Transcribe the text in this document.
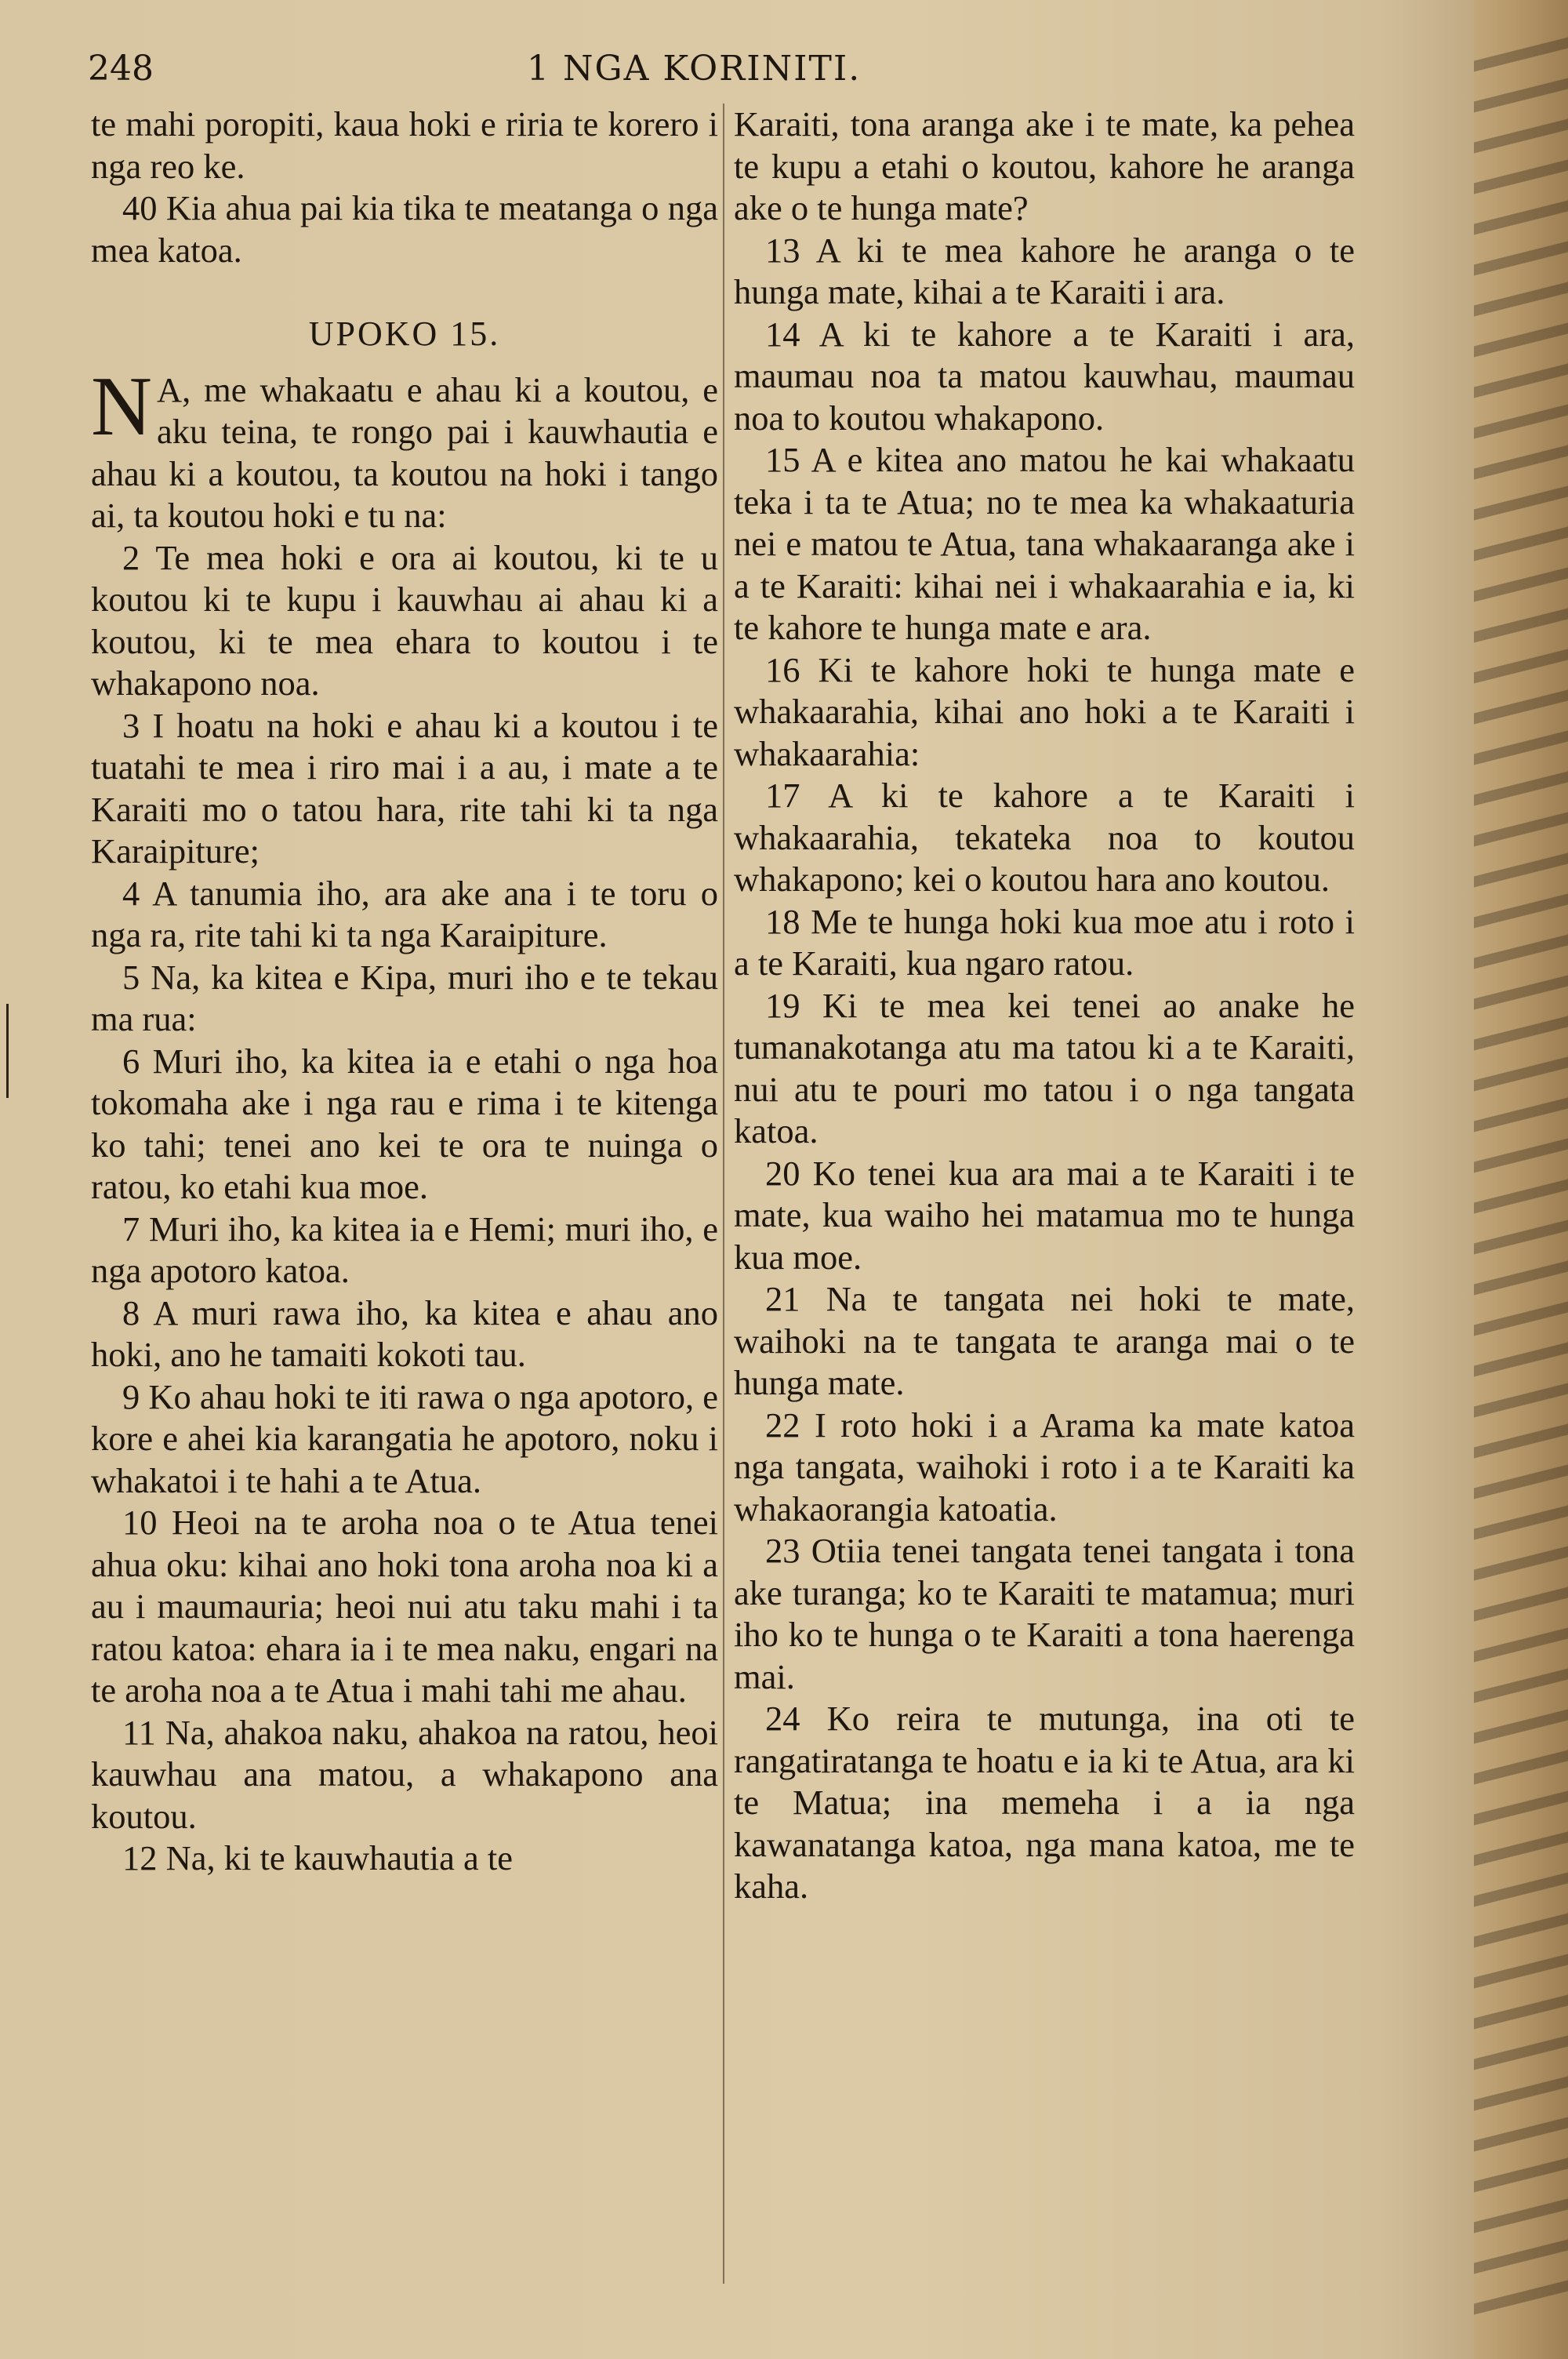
248	1 NGA KORINITI.

te mahi poropiti, kaua hoki e riria te korero i nga reo ke.

40 Kia ahua pai kia tika te meatanga o nga mea katoa.

UPOKO 15.

N A, me whakaatu e ahau ki a koutou, e aku teina, te rongo pai i kauwhautia e ahau ki a koutou, ta koutou na hoki i tango ai, ta koutou hoki e tu na:

2 Te mea hoki e ora ai koutou, ki te u koutou ki te kupu i kauwhau ai ahau ki a koutou, ki te mea ehara to koutou i te whakapono noa.

3 I hoatu na hoki e ahau ki a koutou i te tuatahi te mea i riro mai i a au, i mate a te Karaiti mo o tatou hara, rite tahi ki ta nga Karaipiture;

4 A tanumia iho, ara ake ana i te toru o nga ra, rite tahi ki ta nga Karaipiture.

5 Na, ka kitea e Kipa, muri iho e te tekau ma rua:

6 Muri iho, ka kitea ia e etahi o nga hoa tokomaha ake i nga rau e rima i te kitenga ko tahi; tenei ano kei te ora te nuinga o ratou, ko etahi kua moe.

7 Muri iho, ka kitea ia e Hemi; muri iho, e nga apotoro katoa.

8 A muri rawa iho, ka kitea e ahau ano hoki, ano he tamaiti kokoti tau.

9 Ko ahau hoki te iti rawa o nga apotoro, e kore e ahei kia karangatia he apotoro, noku i whakatoi i te hahi a te Atua.

10 Heoi na te aroha noa o te Atua tenei ahua oku: kihai ano hoki tona aroha noa ki a au i maumauria; heoi nui atu taku mahi i ta ratou katoa: ehara ia i te mea naku, engari na te aroha noa a te Atua i mahi tahi me ahau.

11 Na, ahakoa naku, ahakoa na ratou, heoi kauwhau ana matou, a whakapono ana koutou.

12 Na, ki te kauwhautia a te

Karaiti, tona aranga ake i te mate, ka pehea te kupu a etahi o koutou, kahore he aranga ake o te hunga mate?

13 A ki te mea kahore he aranga o te hunga mate, kihai a te Karaiti i ara.

14 A ki te kahore a te Karaiti i ara, maumau noa ta matou kauwhau, maumau noa to koutou whakapono.

15 A e kitea ano matou he kai whakaatu teka i ta te Atua; no te mea ka whakaaturia nei e matou te Atua, tana whakaaranga ake i a te Karaiti: kihai nei i whakaarahia e ia, ki te kahore te hunga mate e ara.

16 Ki te kahore hoki te hunga mate e whakaarahia, kihai ano hoki a te Karaiti i whakaarahia:

17 A ki te kahore a te Karaiti i whakaarahia, tekateka noa to koutou whakapono; kei o koutou hara ano koutou.

18 Me te hunga hoki kua moe atu i roto i a te Karaiti, kua ngaro ratou.

19 Ki te mea kei tenei ao anake he tumanakotanga atu ma tatou ki a te Karaiti, nui atu te pouri mo tatou i o nga tangata katoa.

20 Ko tenei kua ara mai a te Karaiti i te mate, kua waiho hei matamua mo te hunga kua moe.

21 Na te tangata nei hoki te mate, waihoki na te tangata te aranga mai o te hunga mate.

22 I roto hoki i a Arama ka mate katoa nga tangata, waihoki i roto i a te Karaiti ka whakaorangia katoatia.

23 Otiia tenei tangata tenei tangata i tona ake turanga; ko te Karaiti te matamua; muri iho ko te hunga o te Karaiti a tona haerenga mai.

24 Ko reira te mutunga, ina oti te rangatiratanga te hoatu e ia ki te Atua, ara ki te Matua; ina memeha i a ia nga kawanatanga katoa, nga mana katoa, me te kaha.
